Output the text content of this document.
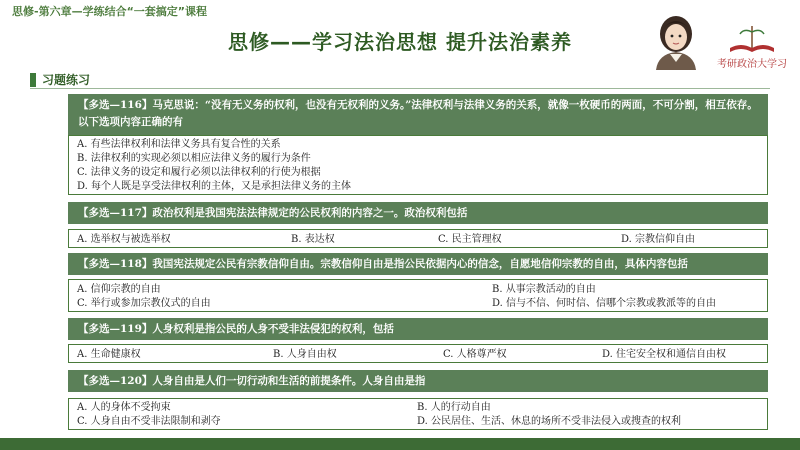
思修-第六章—学练结合“一套搞定”课程
思修——学习法治思想 提升法治素养
考研政治大学习
习题练习
【多选—116】马克思说：“没有无义务的权利，也没有无权利的义务。”法律权利与法律义务的关系，就像一枚硬币的两面，不可分割，相互依存。以下选项内容正确的有
A. 有些法律权利和法律义务具有复合性的关系
B. 法律权利的实现必须以相应法律义务的履行为条件
C. 法律义务的设定和履行必须以法律权利的行使为根据
D. 每个人既是享受法律权利的主体，又是承担法律义务的主体
【多选—117】政治权利是我国宪法法律规定的公民权利的内容之一。政治权利包括
A. 选举权与被选举权	B. 表达权	C. 民主管理权	D. 宗教信仰自由
【多选—118】我国宪法规定公民有宗教信仰自由。宗教信仰自由是指公民依据内心的信念，自愿地信仰宗教的自由，具体内容包括
A. 信仰宗教的自由	B. 从事宗教活动的自由
C. 举行或参加宗教仪式的自由	D. 信与不信、何时信、信哪个宗教或教派等的自由
【多选—119】人身权利是指公民的人身不受非法侵犯的权利，包括
A. 生命健康权	B. 人身自由权	C. 人格尊严权	D. 住宅安全权和通信自由权
【多选—120】人身自由是人们一切行动和生活的前提条件。人身自由是指
A. 人的身体不受拘束	B. 人的行动自由
C. 人身自由不受非法限制和剥夺	D. 公民居住、生活、休息的场所不受非法侵入或搜查的权利
